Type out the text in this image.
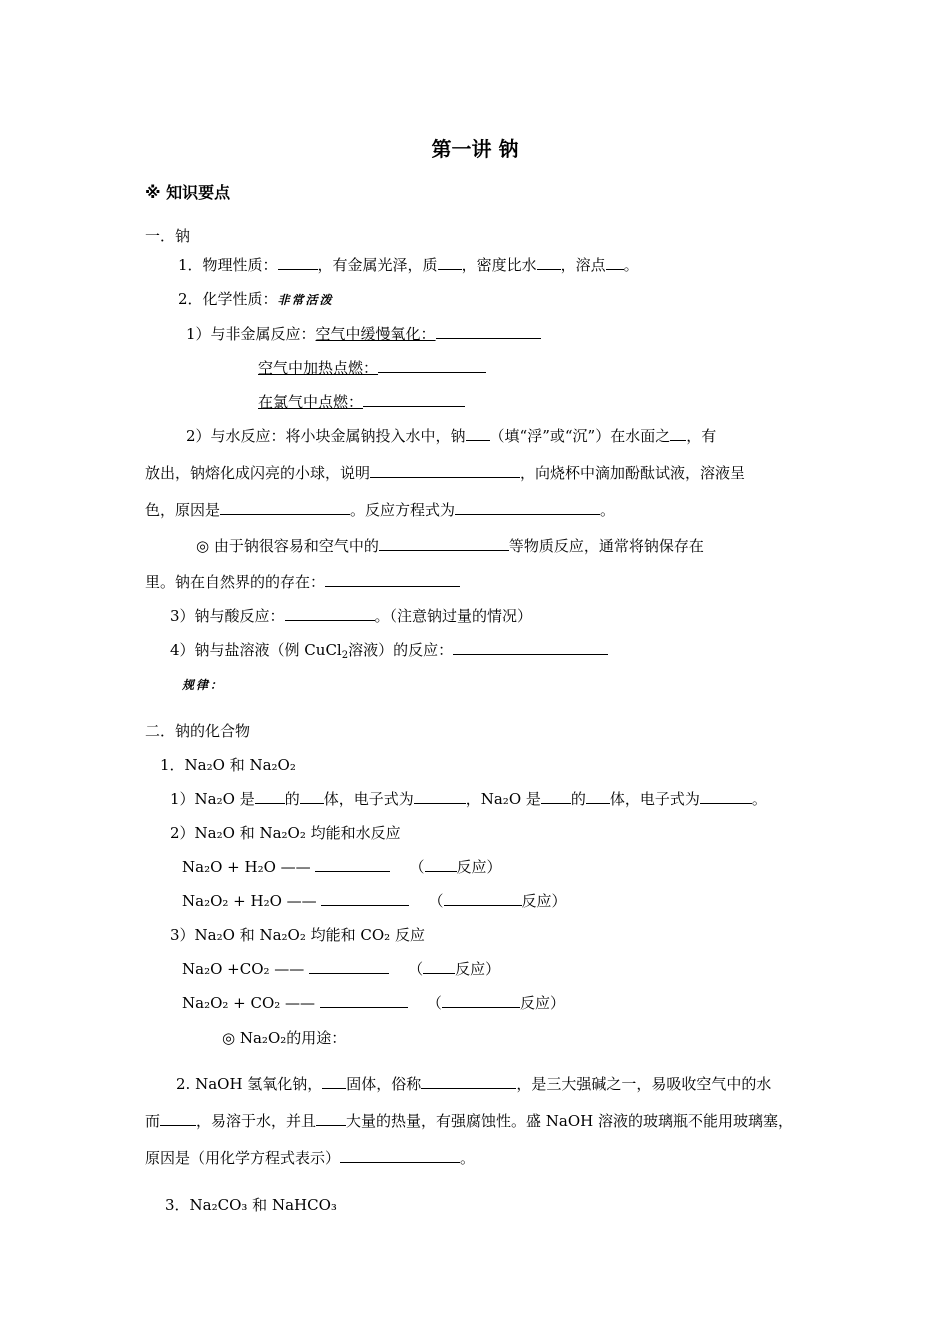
第一讲 钠
※ 知识要点
一．钠
1．物理性质：	，有金属光泽，质 ，密度比水 ，溶点 。
2．化学性质：非常活泼
1）与非金属反应：空气中缓慢氧化：
空气中加热点燃：
在氯气中点燃：
2）与水反应：将小块金属钠投入水中，钠 （填“浮”或“沉”）在水面之 ，有
放出，钠熔化成闪亮的小球，说明	，向烧杯中滴加酚酞试液，溶液呈
色，原因是	。反应方程式为	。
◎ 由于钠很容易和空气中的	等物质反应，通常将钠保存在
里。钠在自然界的的存在：
3）钠与酸反应：	。（注意钠过量的情况）
4）钠与盐溶液（例 CuCl$_2$溶液）的反应：
规律：
二．钠的化合物
1．Na₂O 和 Na₂O₂
1）Na₂O 是 的 体，电子式为	，Na₂O 是 的 体，电子式为	。
2）Na₂O 和 Na₂O₂ 均能和水反应
Na₂O + H₂O ——	（ 反应）
Na₂O₂ + H₂O ——	（	反应）
3）Na₂O 和 Na₂O₂ 均能和 CO₂ 反应
Na₂O +CO₂ ——	（ 反应）
Na₂O₂ + CO₂ ——	（	反应）
◎ Na₂O₂的用途：
2. NaOH 氢氧化钠， 固体，俗称	，是三大强碱之一，易吸收空气中的水
而 ，易溶于水，并且 大量的热量，有强腐蚀性。盛 NaOH 溶液的玻璃瓶不能用玻璃塞，
原因是（用化学方程式表示）	。
3．Na₂CO₃ 和 NaHCO₃
